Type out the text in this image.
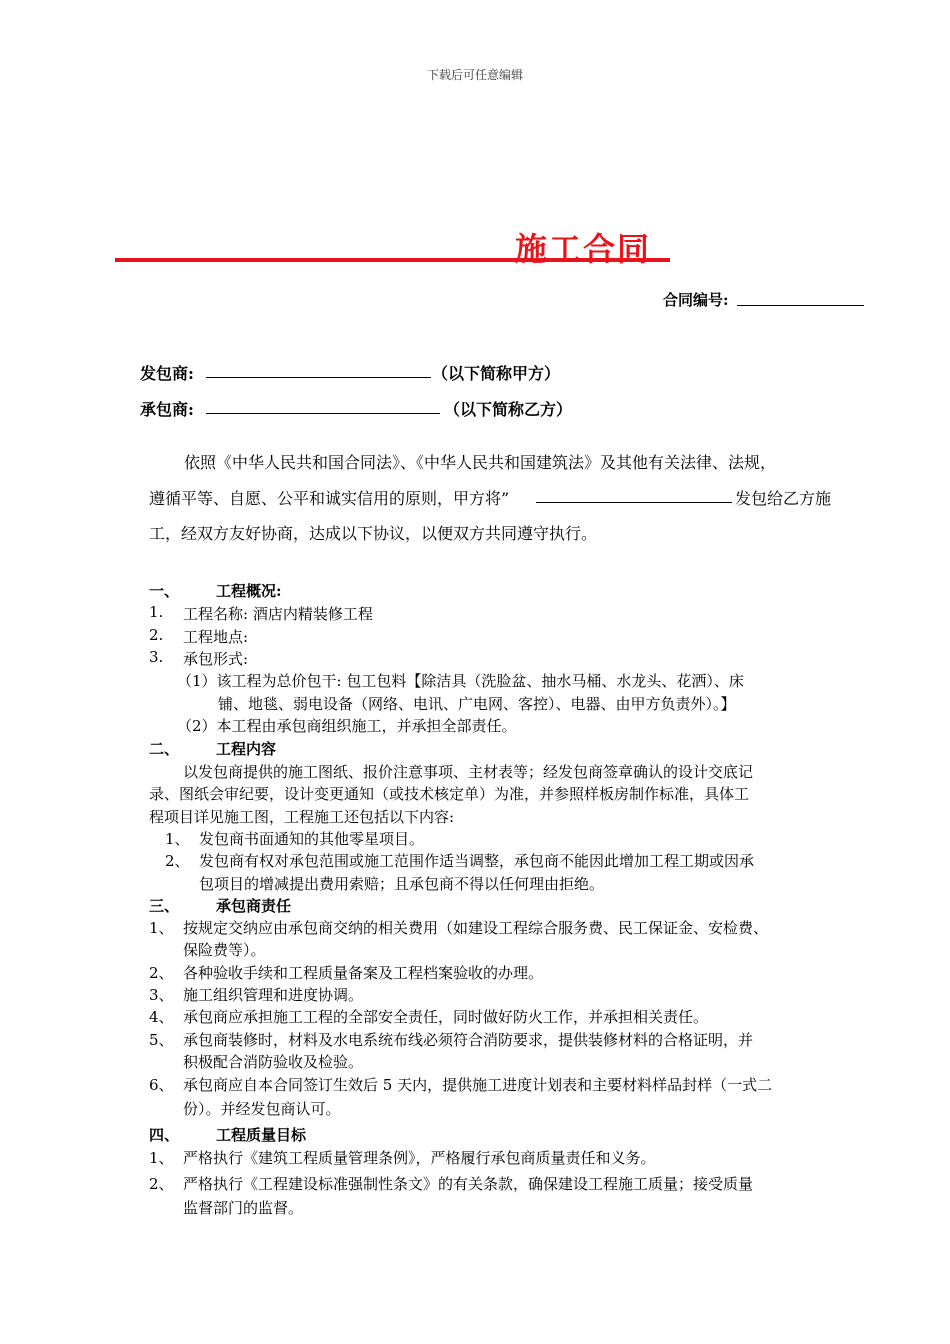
下载后可任意编辑
施工合同
合同编号:
发包商:	（以下简称甲方）
承包商:	（以下简称乙方）
依照《中华人民共和国合同法》、《中华人民共和国建筑法》及其他有关法律、法规，
遵循平等、自愿、公平和诚实信用的原则，甲方将”	发包给乙方施
工，经双方友好协商，达成以下协议，以便双方共同遵守执行。
一、 工程概况:
1. 工程名称: 酒店内精装修工程
2. 工程地点:
3. 承包形式:
（1）该工程为总价包干: 包工包料【除洁具（洗脸盆、抽水马桶、水龙头、花洒）、床
铺、地毯、弱电设备（网络、电讯、广电网、客控）、电器、由甲方负责外）。】
（2）本工程由承包商组织施工，并承担全部责任。
二、 工程内容
以发包商提供的施工图纸、报价注意事项、主材表等；经发包商签章确认的设计交底记
录、图纸会审纪要，设计变更通知（或技术核定单）为准，并参照样板房制作标准，具体工
程项目详见施工图，工程施工还包括以下内容:
1、 发包商书面通知的其他零星项目。
2、 发包商有权对承包范围或施工范围作适当调整，承包商不能因此增加工程工期或因承
包项目的增减提出费用索赔；且承包商不得以任何理由拒绝。
三、 承包商责任
1、 按规定交纳应由承包商交纳的相关费用（如建设工程综合服务费、民工保证金、安检费、
保险费等）。
2、 各种验收手续和工程质量备案及工程档案验收的办理。
3、 施工组织管理和进度协调。
4、 承包商应承担施工工程的全部安全责任，同时做好防火工作，并承担相关责任。
5、 承包商装修时，材料及水电系统布线必须符合消防要求，提供装修材料的合格证明，并
积极配合消防验收及检验。
6、 承包商应自本合同签订生效后 5 天内，提供施工进度计划表和主要材料样品封样（一式二
份）。并经发包商认可。
四、 工程质量目标
1、 严格执行《建筑工程质量管理条例》，严格履行承包商质量责任和义务。
2、 严格执行《工程建设标准强制性条文》的有关条款，确保建设工程施工质量；接受质量
监督部门的监督。
